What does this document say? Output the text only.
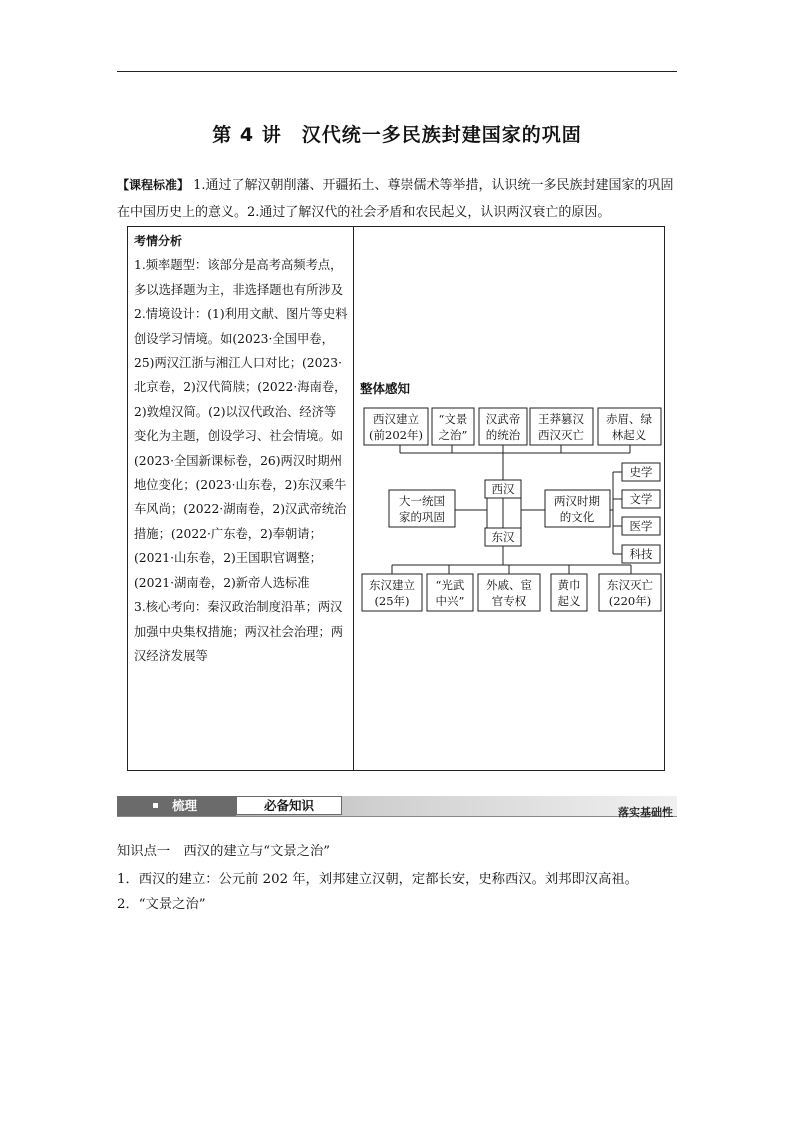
第 4 讲　汉代统一多民族封建国家的巩固
【课程标准】 1.通过了解汉朝削藩、开疆拓土、尊崇儒术等举措，认识统一多民族封建国家的巩固在中国历史上的意义。2.通过了解汉代的社会矛盾和农民起义，认识两汉衰亡的原因。

考情分析

1.频率题型：该部分是高考高频考点，多以选择题为主，非选择题也有所涉及

2.情境设计：(1)利用文献、图片等史料创设学习情境。如(2023·全国甲卷，25)两汉江浙与湘江人口对比；(2023·北京卷，2)汉代简牍；(2022·海南卷，2)敦煌汉简。(2)以汉代政治、经济等变化为主题，创设学习、社会情境。如(2023·全国新课标卷，26)两汉时期州地位变化；(2023·山东卷，2)东汉乘牛车风尚；(2022·湖南卷，2)汉武帝统治措施；(2022·广东卷，2)奉朝请；(2021·山东卷，2)王国职官调整；(2021·湖南卷，2)新帝人选标准

3.核心考向：秦汉政治制度沿革；两汉加强中央集权措施；两汉社会治理；两汉经济发展等

整体感知
西汉建立
(前202年)
“文景
之治”
汉武帝
的统治
王莽篡汉
西汉灭亡
赤眉、绿
林起义
西汉
东汉
大一统国
家的巩固
两汉时期
的文化
史学
文学
医学
科技
东汉建立
(25年)
“光武
中兴”
外戚、宦
官专权
黄巾
起义
东汉灭亡
(220年)
梳理	必备知识	落实基础性
知识点一　西汉的建立与“文景之治”
1．西汉的建立：公元前 202 年，刘邦建立汉朝，定都长安，史称西汉。刘邦即汉高祖。
2．“文景之治”
